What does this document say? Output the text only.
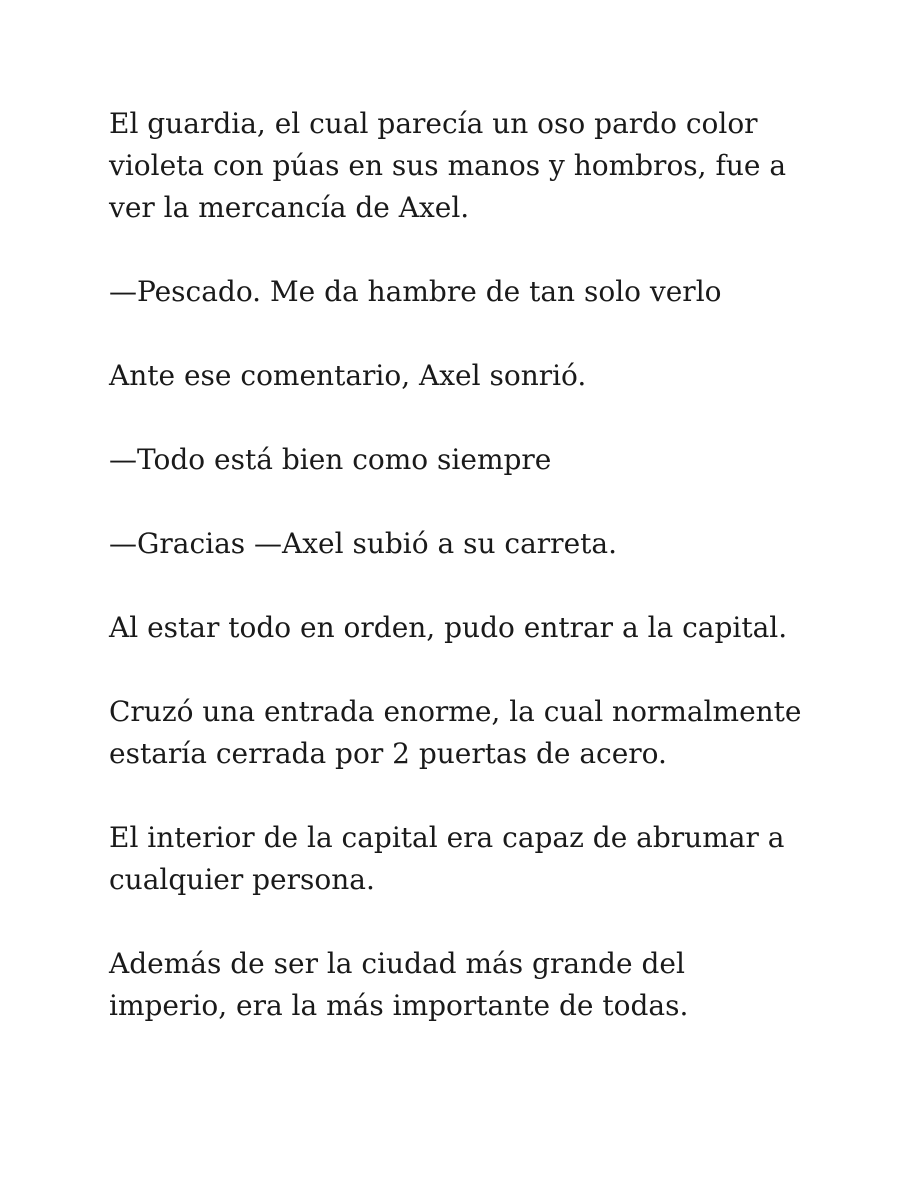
El guardia, el cual parecía un oso pardo color
violeta con púas en sus manos y hombros, fue a
ver la mercancía de Axel.

—Pescado. Me da hambre de tan solo verlo

Ante ese comentario, Axel sonrió.

—Todo está bien como siempre

—Gracias —Axel subió a su carreta.

Al estar todo en orden, pudo entrar a la capital.

Cruzó una entrada enorme, la cual normalmente
estaría cerrada por 2 puertas de acero.

El interior de la capital era capaz de abrumar a
cualquier persona.

Además de ser la ciudad más grande del
imperio, era la más importante de todas.
